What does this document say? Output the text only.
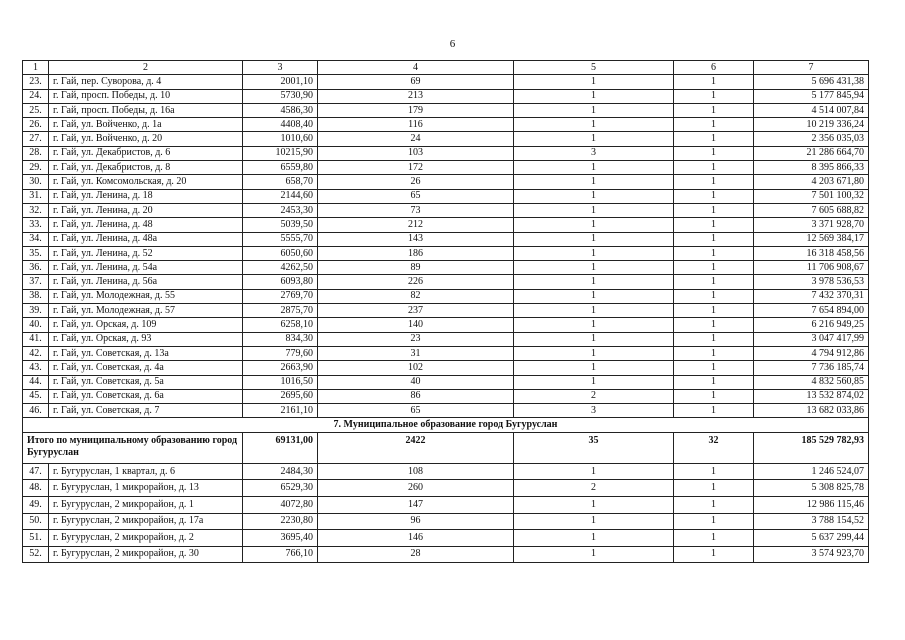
6
1	2	3	4	5	6	7
23.	г. Гай, пер. Суворова, д. 4	2001,10	69	1	1	5 696 431,38
24.	г. Гай, просп. Победы, д. 10	5730,90	213	1	1	5 177 845,94
25.	г. Гай, просп. Победы, д. 16а	4586,30	179	1	1	4 514 007,84
26.	г. Гай, ул. Войченко, д. 1а	4408,40	116	1	1	10 219 336,24
27.	г. Гай, ул. Войченко, д. 20	1010,60	24	1	1	2 356 035,03
28.	г. Гай, ул. Декабристов, д. 6	10215,90	103	3	1	21 286 664,70
29.	г. Гай, ул. Декабристов, д. 8	6559,80	172	1	1	8 395 866,33
30.	г. Гай, ул. Комсомольская, д. 20	658,70	26	1	1	4 203 671,80
31.	г. Гай, ул. Ленина, д. 18	2144,60	65	1	1	7 501 100,32
32.	г. Гай, ул. Ленина, д. 20	2453,30	73	1	1	7 605 688,82
33.	г. Гай, ул. Ленина, д. 48	5039,50	212	1	1	3 371 928,70
34.	г. Гай, ул. Ленина, д. 48а	5555,70	143	1	1	12 569 384,17
35.	г. Гай, ул. Ленина, д. 52	6050,60	186	1	1	16 318 458,56
36.	г. Гай, ул. Ленина, д. 54а	4262,50	89	1	1	11 706 908,67
37.	г. Гай, ул. Ленина, д. 56а	6093,80	226	1	1	3 978 536,53
38.	г. Гай, ул. Молодежная, д. 55	2769,70	82	1	1	7 432 370,31
39.	г. Гай, ул. Молодежная, д. 57	2875,70	237	1	1	7 654 894,00
40.	г. Гай, ул. Орская, д. 109	6258,10	140	1	1	6 216 949,25
41.	г. Гай, ул. Орская, д. 93	834,30	23	1	1	3 047 417,99
42.	г. Гай, ул. Советская, д. 13а	779,60	31	1	1	4 794 912,86
43.	г. Гай, ул. Советская, д. 4а	2663,90	102	1	1	7 736 185,74
44.	г. Гай, ул. Советская, д. 5а	1016,50	40	1	1	4 832 560,85
45.	г. Гай, ул. Советская, д. 6а	2695,60	86	2	1	13 532 874,02
46.	г. Гай, ул. Советская, д. 7	2161,10	65	3	1	13 682 033,86
7. Муниципальное образование город Бугуруслан						
Итого по муниципальному образованию город Бугуруслан		69131,00	2422	35	32	185 529 782,93
47.	г. Бугуруслан, 1 квартал, д. 6	2484,30	108	1	1	1 246 524,07
48.	г. Бугуруслан, 1 микрорайон, д. 13	6529,30	260	2	1	5 308 825,78
49.	г. Бугуруслан, 2 микрорайон, д. 1	4072,80	147	1	1	12 986 115,46
50.	г. Бугуруслан, 2 микрорайон, д. 17а	2230,80	96	1	1	3 788 154,52
51.	г. Бугуруслан, 2 микрорайон, д. 2	3695,40	146	1	1	5 637 299,44
52.	г. Бугуруслан, 2 микрорайон, д. 30	766,10	28	1	1	3 574 923,70
